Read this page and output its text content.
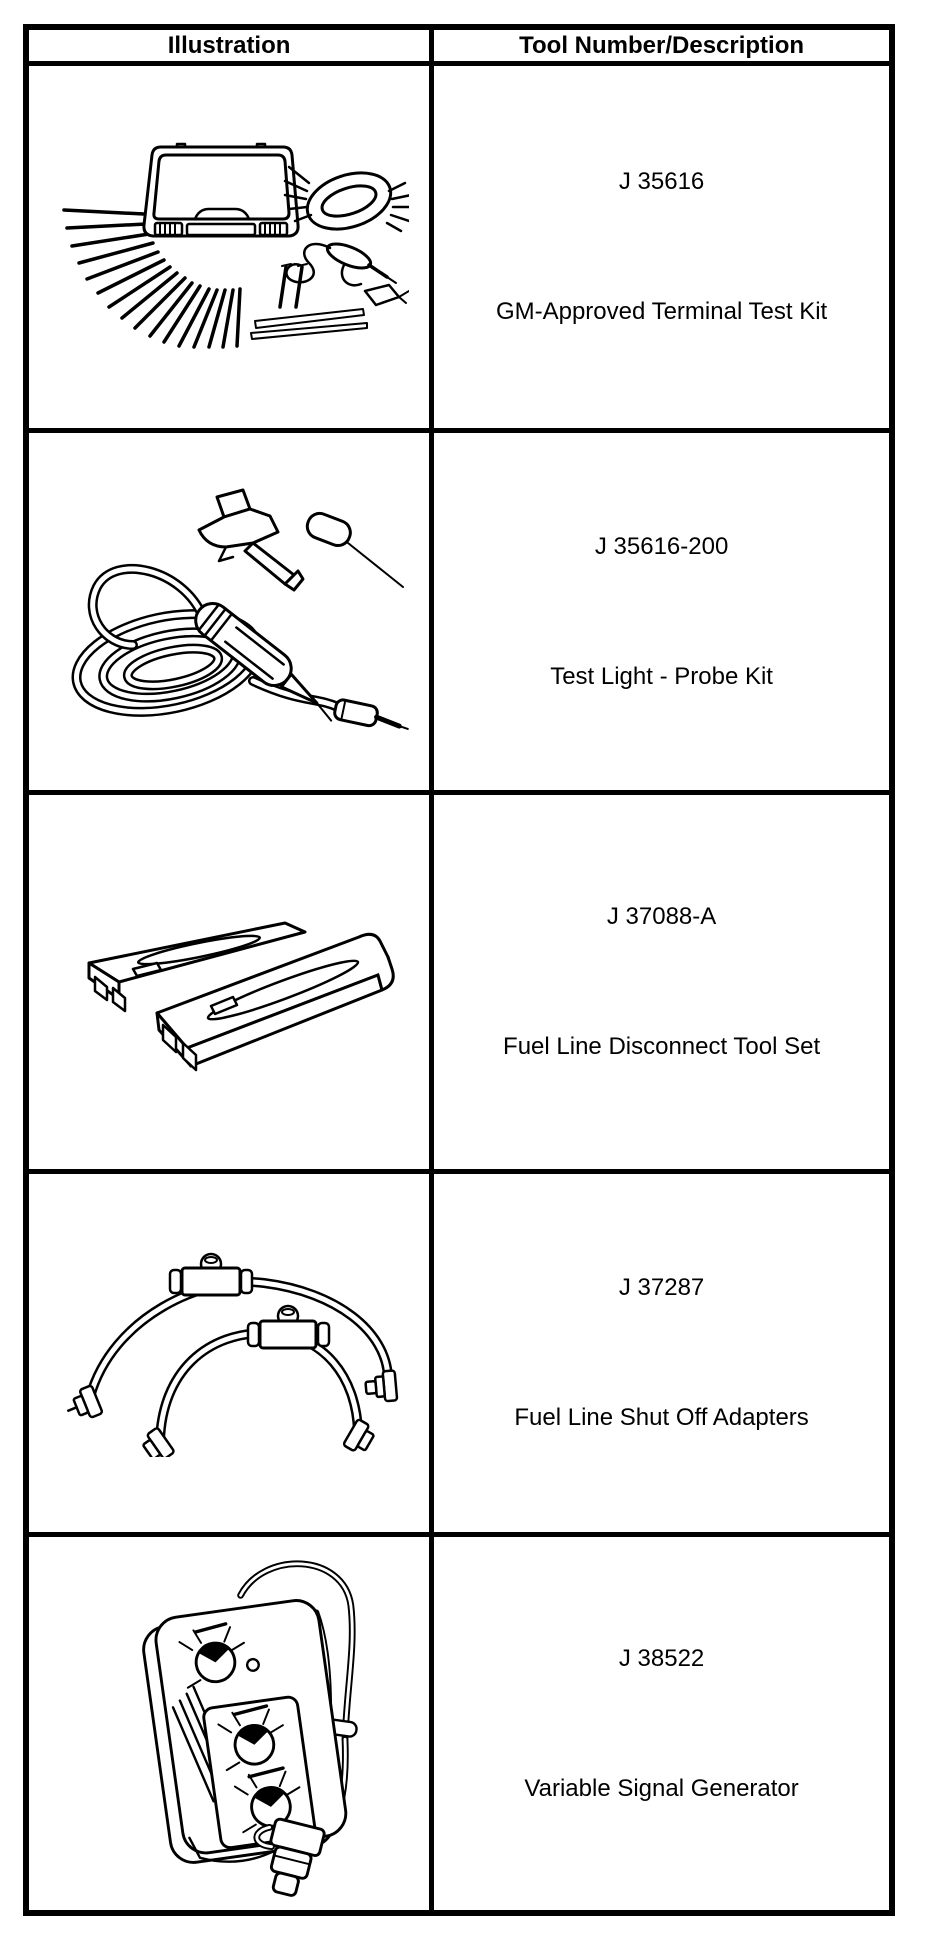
Illustration	Tool Number/Description

J 35616
GM-Approved Terminal Test Kit

J 35616-200
Test Light - Probe Kit

J 37088-A
Fuel Line Disconnect Tool Set

J 37287
Fuel Line Shut Off Adapters

J 38522
Variable Signal Generator
